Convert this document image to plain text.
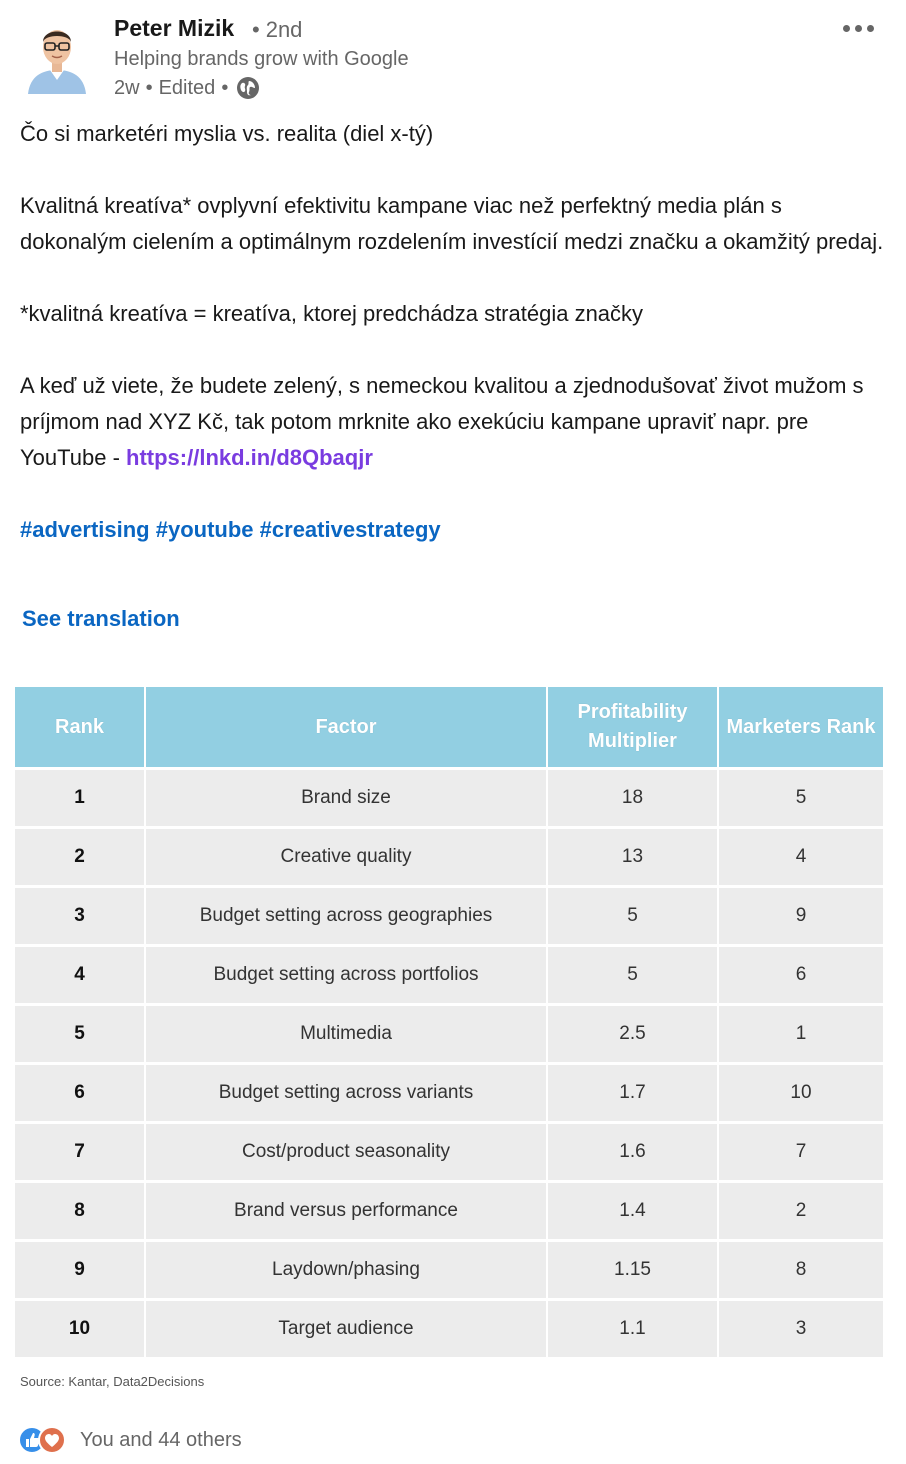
Peter Mizik • 2nd
Helping brands grow with Google
2w • Edited •

Čo si marketéri myslia vs. realita (diel x-tý)

Kvalitná kreatíva* ovplyvní efektivitu kampane viac než perfektný media plán s dokonalým cielením a optimálnym rozdelením investícií medzi značku a okamžitý predaj.

*kvalitná kreatíva = kreatíva, ktorej predchádza stratégia značky

A keď už viete, že budete zelený, s nemeckou kvalitou a zjednodušovať život mužom s príjmom nad XYZ Kč, tak potom mrknite ako exekúciu kampane upraviť napr. pre YouTube - https://lnkd.in/d8Qbaqjr

#advertising #youtube #creativestrategy

See translation
Rank	Factor	Profitability Multiplier	Marketers Rank
1	Brand size	18	5
2	Creative quality	13	4
3	Budget setting across geographies	5	9
4	Budget setting across portfolios	5	6
5	Multimedia	2.5	1
6	Budget setting across variants	1.7	10
7	Cost/product seasonality	1.6	7
8	Brand versus performance	1.4	2
9	Laydown/phasing	1.15	8
10	Target audience	1.1	3
Source: Kantar, Data2Decisions
You and 44 others
